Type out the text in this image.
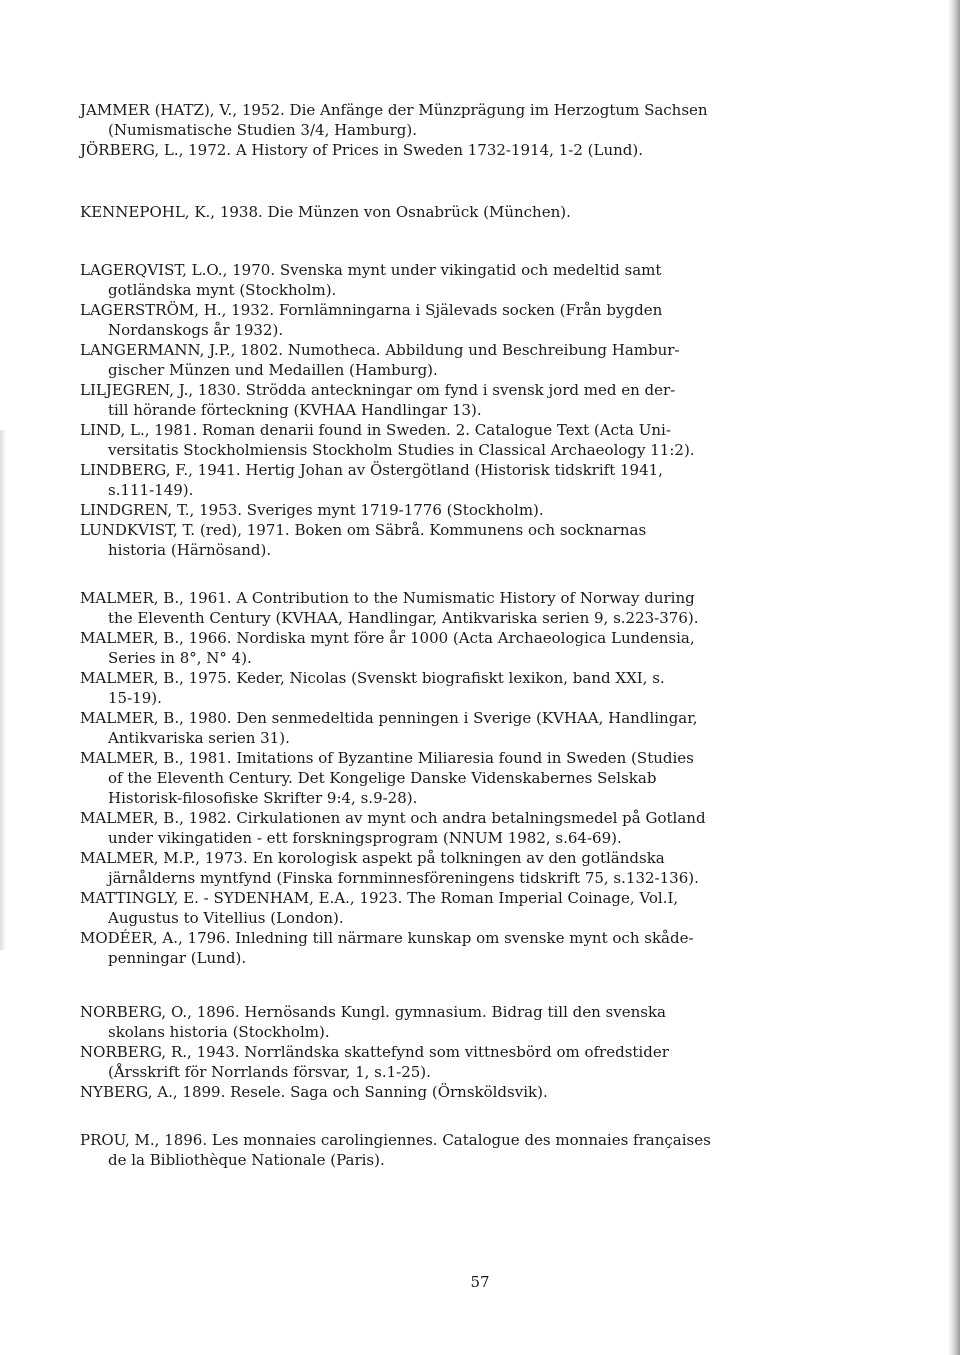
JAMMER (HATZ), V., 1952. Die Anfänge der Münzprägung im Herzogtum Sachsen
(Numismatische Studien 3/4, Hamburg).
JÖRBERG, L., 1972. A History of Prices in Sweden 1732-1914, 1-2 (Lund).
KENNEPOHL, K., 1938. Die Münzen von Osnabrück (München).
LAGERQVIST, L.O., 1970. Svenska mynt under vikingatid och medeltid samt
gotländska mynt (Stockholm).
LAGERSTRÖM, H., 1932. Fornlämningarna i Själevads socken (Från bygden
Nordanskogs år 1932).
LANGERMANN, J.P., 1802. Numotheca. Abbildung und Beschreibung Hambur-
gischer Münzen und Medaillen (Hamburg).
LILJEGREN, J., 1830. Strödda anteckningar om fynd i svensk jord med en der-
till hörande förteckning (KVHAA Handlingar 13).
LIND, L., 1981. Roman denarii found in Sweden. 2. Catalogue Text (Acta Uni-
versitatis Stockholmiensis Stockholm Studies in Classical Archaeology 11:2).
LINDBERG, F., 1941. Hertig Johan av Östergötland (Historisk tidskrift 1941,
s.111-149).
LINDGREN, T., 1953. Sveriges mynt 1719-1776 (Stockholm).
LUNDKVIST, T. (red), 1971. Boken om Säbrå. Kommunens och socknarnas
historia (Härnösand).
MALMER, B., 1961. A Contribution to the Numismatic History of Norway during
the Eleventh Century (KVHAA, Handlingar, Antikvariska serien 9, s.223-376).
MALMER, B., 1966. Nordiska mynt före år 1000 (Acta Archaeologica Lundensia,
Series in 8°, N° 4).
MALMER, B., 1975. Keder, Nicolas (Svenskt biografiskt lexikon, band XXI, s.
15-19).
MALMER, B., 1980. Den senmedeltida penningen i Sverige (KVHAA, Handlingar,
Antikvariska serien 31).
MALMER, B., 1981. Imitations of Byzantine Miliaresia found in Sweden (Studies
of the Eleventh Century. Det Kongelige Danske Videnskabernes Selskab
Historisk-filosofiske Skrifter 9:4, s.9-28).
MALMER, B., 1982. Cirkulationen av mynt och andra betalningsmedel på Gotland
under vikingatiden - ett forskningsprogram (NNUM 1982, s.64-69).
MALMER, M.P., 1973. En korologisk aspekt på tolkningen av den gotländska
järnålderns myntfynd (Finska fornminnesföreningens tidskrift 75, s.132-136).
MATTINGLY, E. - SYDENHAM, E.A., 1923. The Roman Imperial Coinage, Vol.I,
Augustus to Vitellius (London).
MODÉER, A., 1796. Inledning till närmare kunskap om svenske mynt och skåde-
penningar (Lund).
NORBERG, O., 1896. Hernösands Kungl. gymnasium. Bidrag till den svenska
skolans historia (Stockholm).
NORBERG, R., 1943. Norrländska skattefynd som vittnesbörd om ofredstider
(Årsskrift för Norrlands försvar, 1, s.1-25).
NYBERG, A., 1899. Resele. Saga och Sanning (Örnsköldsvik).
PROU, M., 1896. Les monnaies carolingiennes. Catalogue des monnaies françaises
de la Bibliothèque Nationale (Paris).
57
